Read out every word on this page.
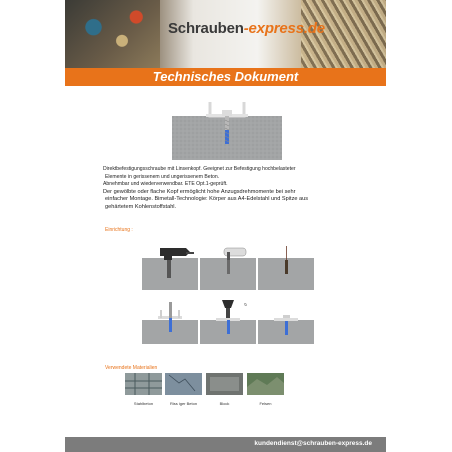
Schrauben-express.de
Technisches Dokument

Direktbefestigungsschraube mit Linsenkopf. Geeignet zur Befestigung hochbelasteter

Elemente in gerissenem und ungerissenem Beton.

Abnehmbar und wiederverwendbar. ETE Opt.1-geprüft.

Der gewölbte oder flache Kopf ermöglicht hohe Anzugsdrehmomente bei sehr

einfacher Montage. Bimetall-Technologie: Körper aus A4-Edelstahl und Spitze aus

gehärtetem Kohlenstoffstahl.

Einrichtung :
↻
Verwendete Materialien
Stahlbeton	Riss iger Beton	Block	Felsen
kundendienst@schrauben-express.de
